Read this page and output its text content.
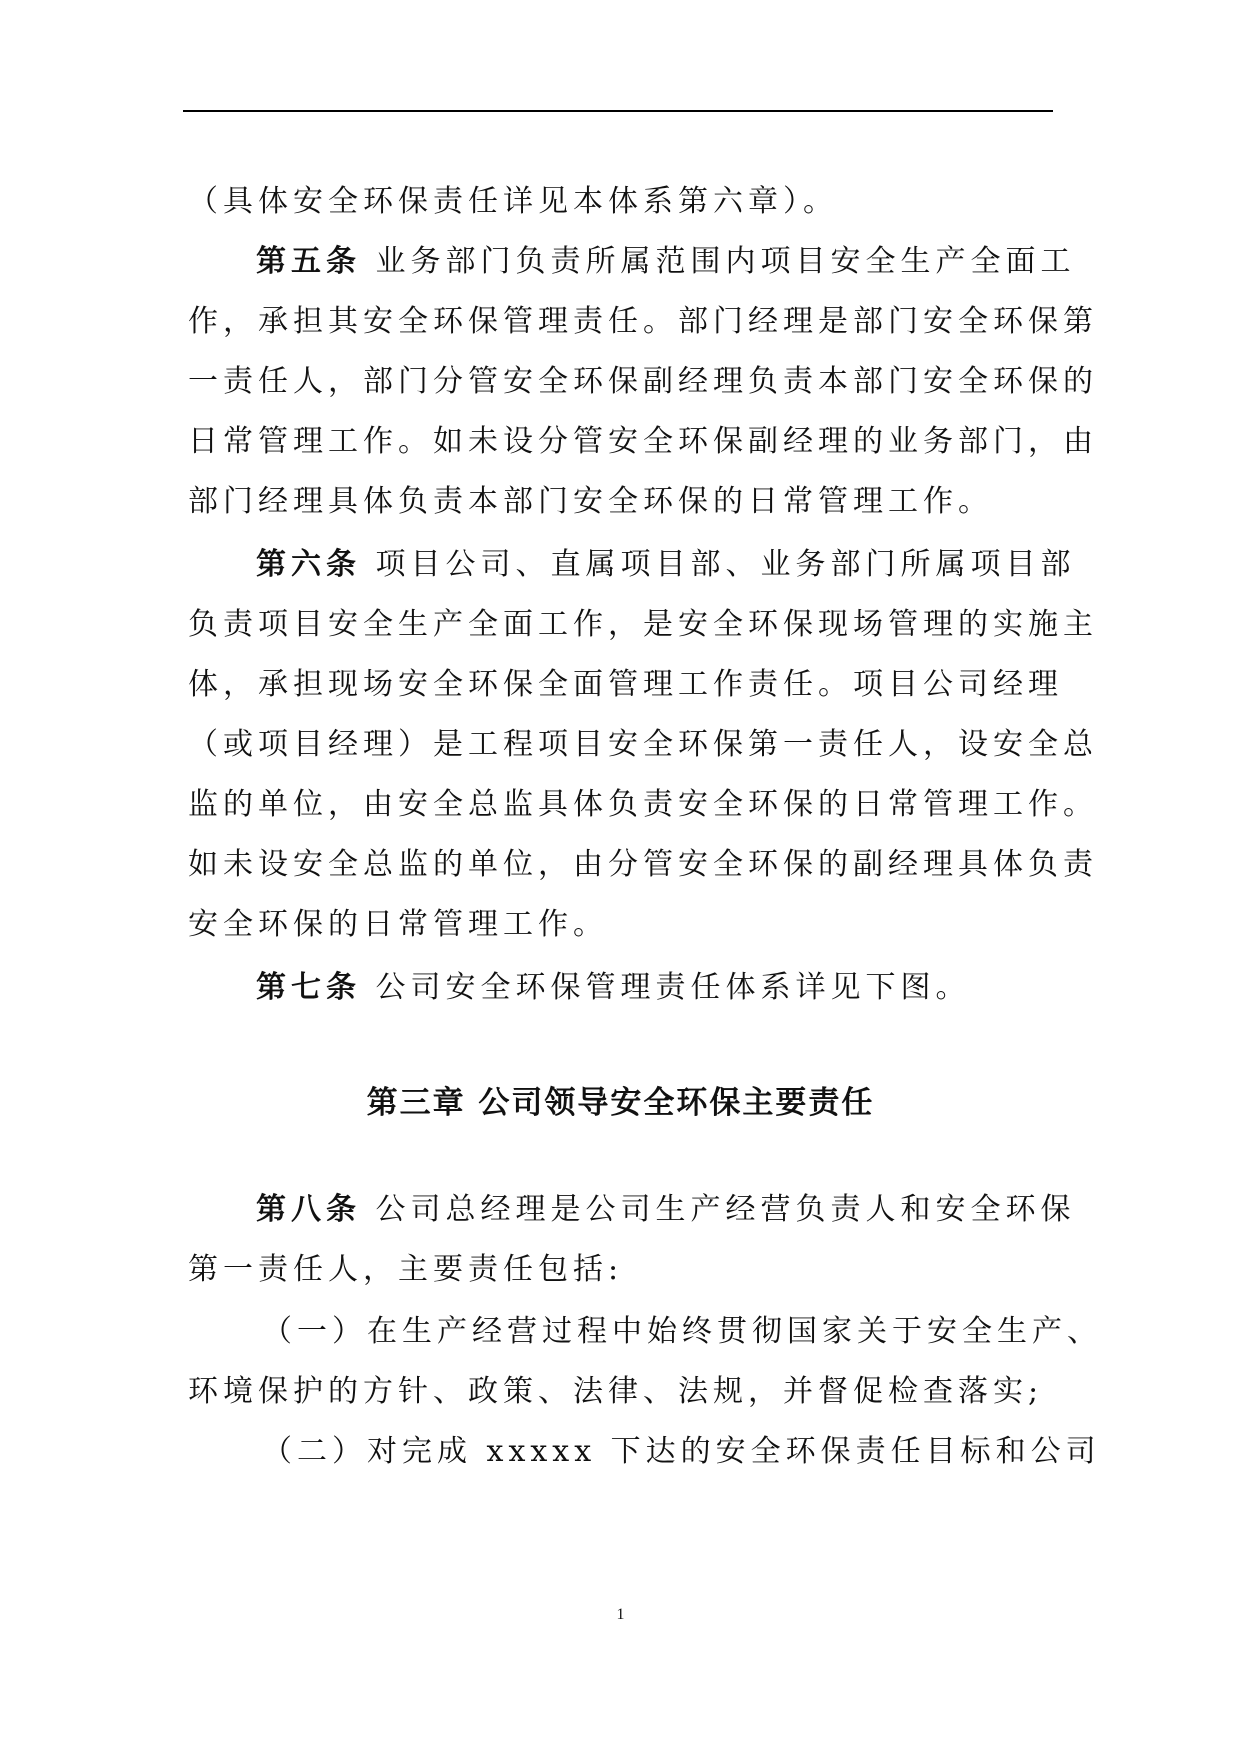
（具体安全环保责任详见本体系第六章）。

第五条 业务部门负责所属范围内项目安全生产全面工

作，承担其安全环保管理责任。部门经理是部门安全环保第

一责任人，部门分管安全环保副经理负责本部门安全环保的

日常管理工作。如未设分管安全环保副经理的业务部门，由

部门经理具体负责本部门安全环保的日常管理工作。

第六条 项目公司、直属项目部、业务部门所属项目部

负责项目安全生产全面工作，是安全环保现场管理的实施主

体，承担现场安全环保全面管理工作责任。项目公司经理

（或项目经理）是工程项目安全环保第一责任人，设安全总

监的单位，由安全总监具体负责安全环保的日常管理工作。

如未设安全总监的单位，由分管安全环保的副经理具体负责

安全环保的日常管理工作。

第七条 公司安全环保管理责任体系详见下图。

第三章 公司领导安全环保主要责任

第八条 公司总经理是公司生产经营负责人和安全环保

第一责任人，主要责任包括:

（一）在生产经营过程中始终贯彻国家关于安全生产、

环境保护的方针、政策、法律、法规，并督促检查落实;

（二）对完成 xxxxx 下达的安全环保责任目标和公司

1
